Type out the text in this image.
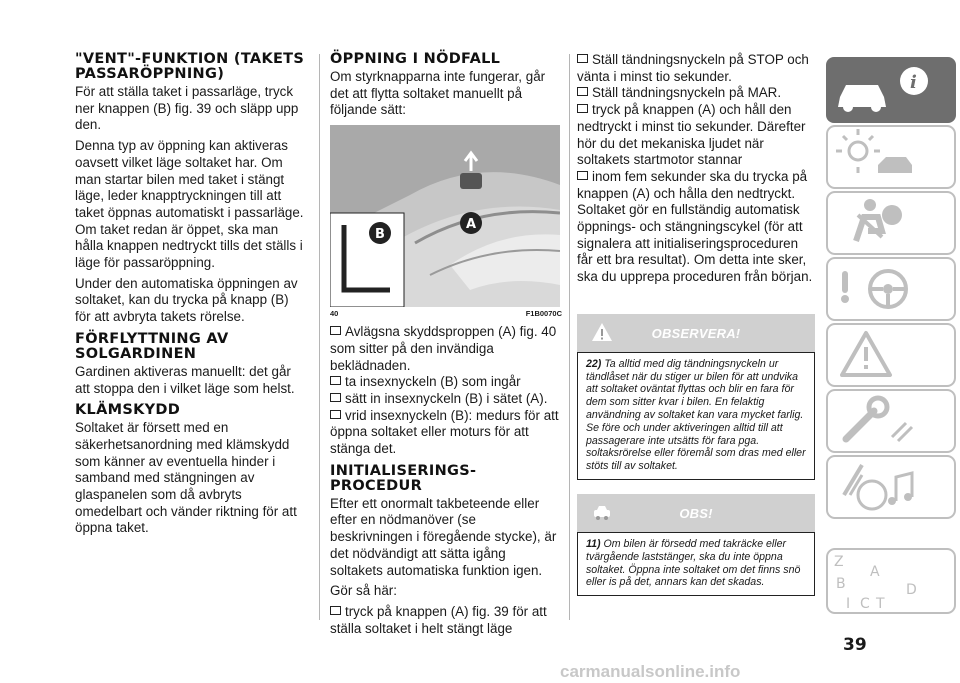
"VENT"-FUNKTION (TAKETS PASSARÖPPNING)

För att ställa taket i passarläge, tryck ner knappen (B) fig. 39 och släpp upp den.

Denna typ av öppning kan aktiveras oavsett vilket läge soltaket har. Om man startar bilen med taket i stängt läge, leder knapptryckningen till att taket öppnas automatiskt i passarläge. Om taket redan är öppet, ska man hålla knappen nedtryckt tills det ställs i läge för passaröppning.

Under den automatiska öppningen av soltaket, kan du trycka på knapp (B) för att avbryta takets rörelse.

FÖRFLYTTNING AV SOLGARDINEN

Gardinen aktiveras manuellt: det går att stoppa den i vilket läge som helst.

KLÄMSKYDD

Soltaket är försett med en säkerhetsanordning med klämskydd som känner av eventuella hinder i samband med stängningen av glaspanelen som då avbryts omedelbart och vänder riktning för att öppna taket.

ÖPPNING I NÖDFALL

Om styrknapparna inte fungerar, går det att flytta soltaket manuellt på följande sätt:

B
A
40	F1B0070C
Avlägsna skyddsproppen (A) fig. 40 som sitter på den invändiga beklädnaden.
ta insexnyckeln (B) som ingår
sätt in insexnyckeln (B) i sätet (A).
vrid insexnyckeln (B): medurs för att öppna soltaket eller moturs för att stänga det.
INITIALISERINGS-PROCEDUR

Efter ett onormalt takbeteende eller efter en nödmanöver (se beskrivningen i föregående stycke), är det nödvändigt att sätta igång soltakets automatiska funktion igen.

Gör så här:

tryck på knappen (A) fig. 39 för att ställa soltaket i helt stängt läge
Ställ tändningsnyckeln på STOP och vänta i minst tio sekunder.
Ställ tändningsnyckeln på MAR.
tryck på knappen (A) och håll den nedtryckt i minst tio sekunder. Därefter hör du det mekaniska ljudet när soltakets startmotor stannar
inom fem sekunder ska du trycka på knappen (A) och hålla den nedtryckt.

Soltaket gör en fullständig automatisk öppnings- och stängningscykel (för att signalera att initialiseringsproceduren får ett bra resultat). Om detta inte sker, ska du upprepa proceduren från början.

OBSERVERA!
22) Ta alltid med dig tändningsnyckeln ur tändlåset när du stiger ur bilen för att undvika att soltaket oväntat flyttas och blir en fara för dem som sitter kvar i bilen. En felaktig användning av soltaket kan vara mycket farlig. Se före och under aktiveringen alltid till att passagerare inte utsätts för fara pga. soltaksrörelse eller föremål som dras med eller stöts till av soltaket.
OBS!
11) Om bilen är försedd med takräcke eller tvärgående laststänger, ska du inte öppna soltaket. Öppna inte soltaket om det finns snö eller is på det, annars kan det skadas.
i
Z
A
B
I C T
D
39
carmanualsonline.info
